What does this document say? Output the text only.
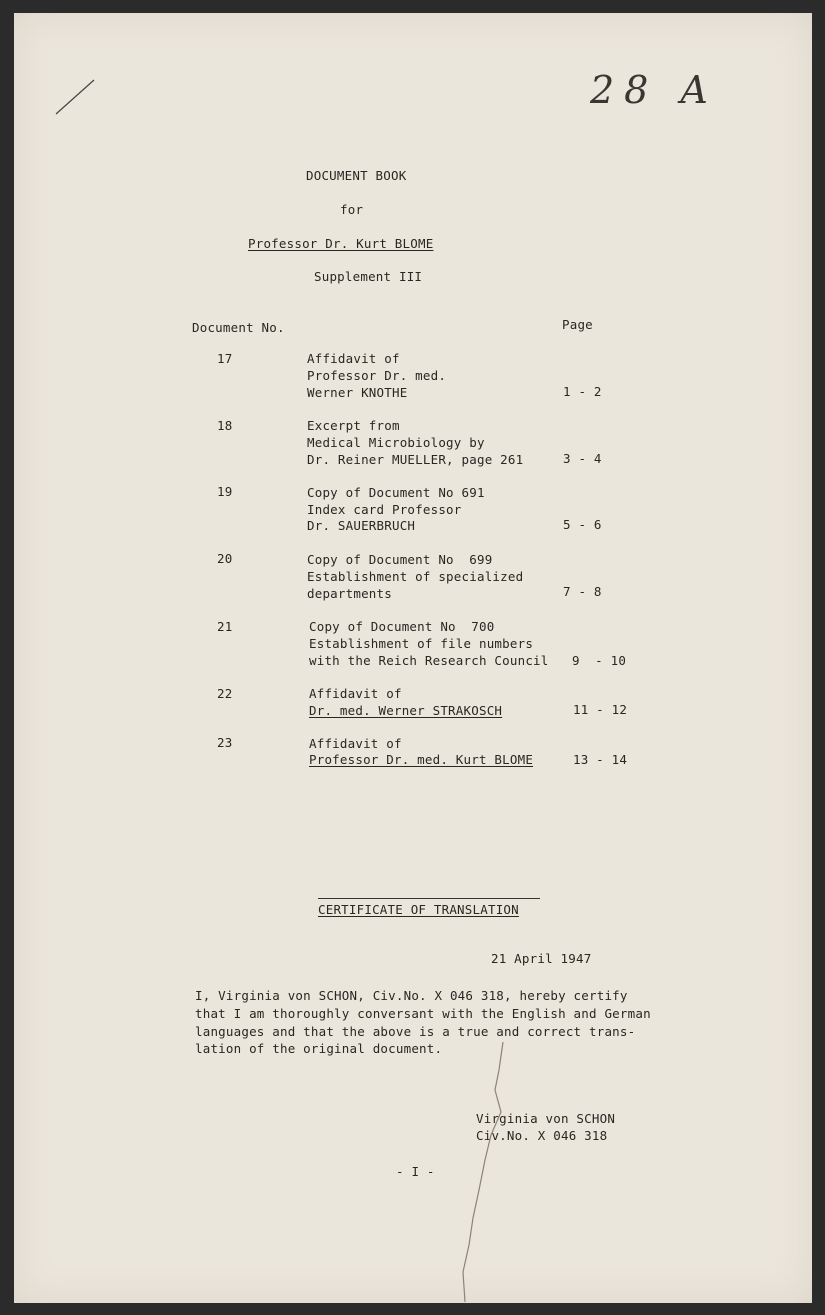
28 A
DOCUMENT BOOK
for
Professor Dr. Kurt BLOME
Supplement III
Document No.	Page
17	Affidavit of
Professor Dr. med.
Werner KNOTHE	1 - 2
18	Excerpt from
Medical Microbiology by
Dr. Reiner MUELLER, page 261	3 - 4
19	Copy of Document No 691
Index card Professor
Dr. SAUERBRUCH	5 - 6
20	Copy of Document No  699
Establishment of specialized
departments	7 - 8
21	Copy of Document No  700
Establishment of file numbers
with the Reich Research Council 9  - 10
22	Affidavit of
Dr. med. Werner STRAKOSCH	11 - 12
23	Affidavit of
Professor Dr. med. Kurt BLOME	13 - 14
CERTIFICATE OF TRANSLATION
21 April 1947
I, Virginia von SCHON, Civ.No. X 046 318, hereby certify
that I am thoroughly conversant with the English and German
languages and that the above is a true and correct trans-
lation of the original document.
Virginia von SCHON
Civ.No. X 046 318
- I -
